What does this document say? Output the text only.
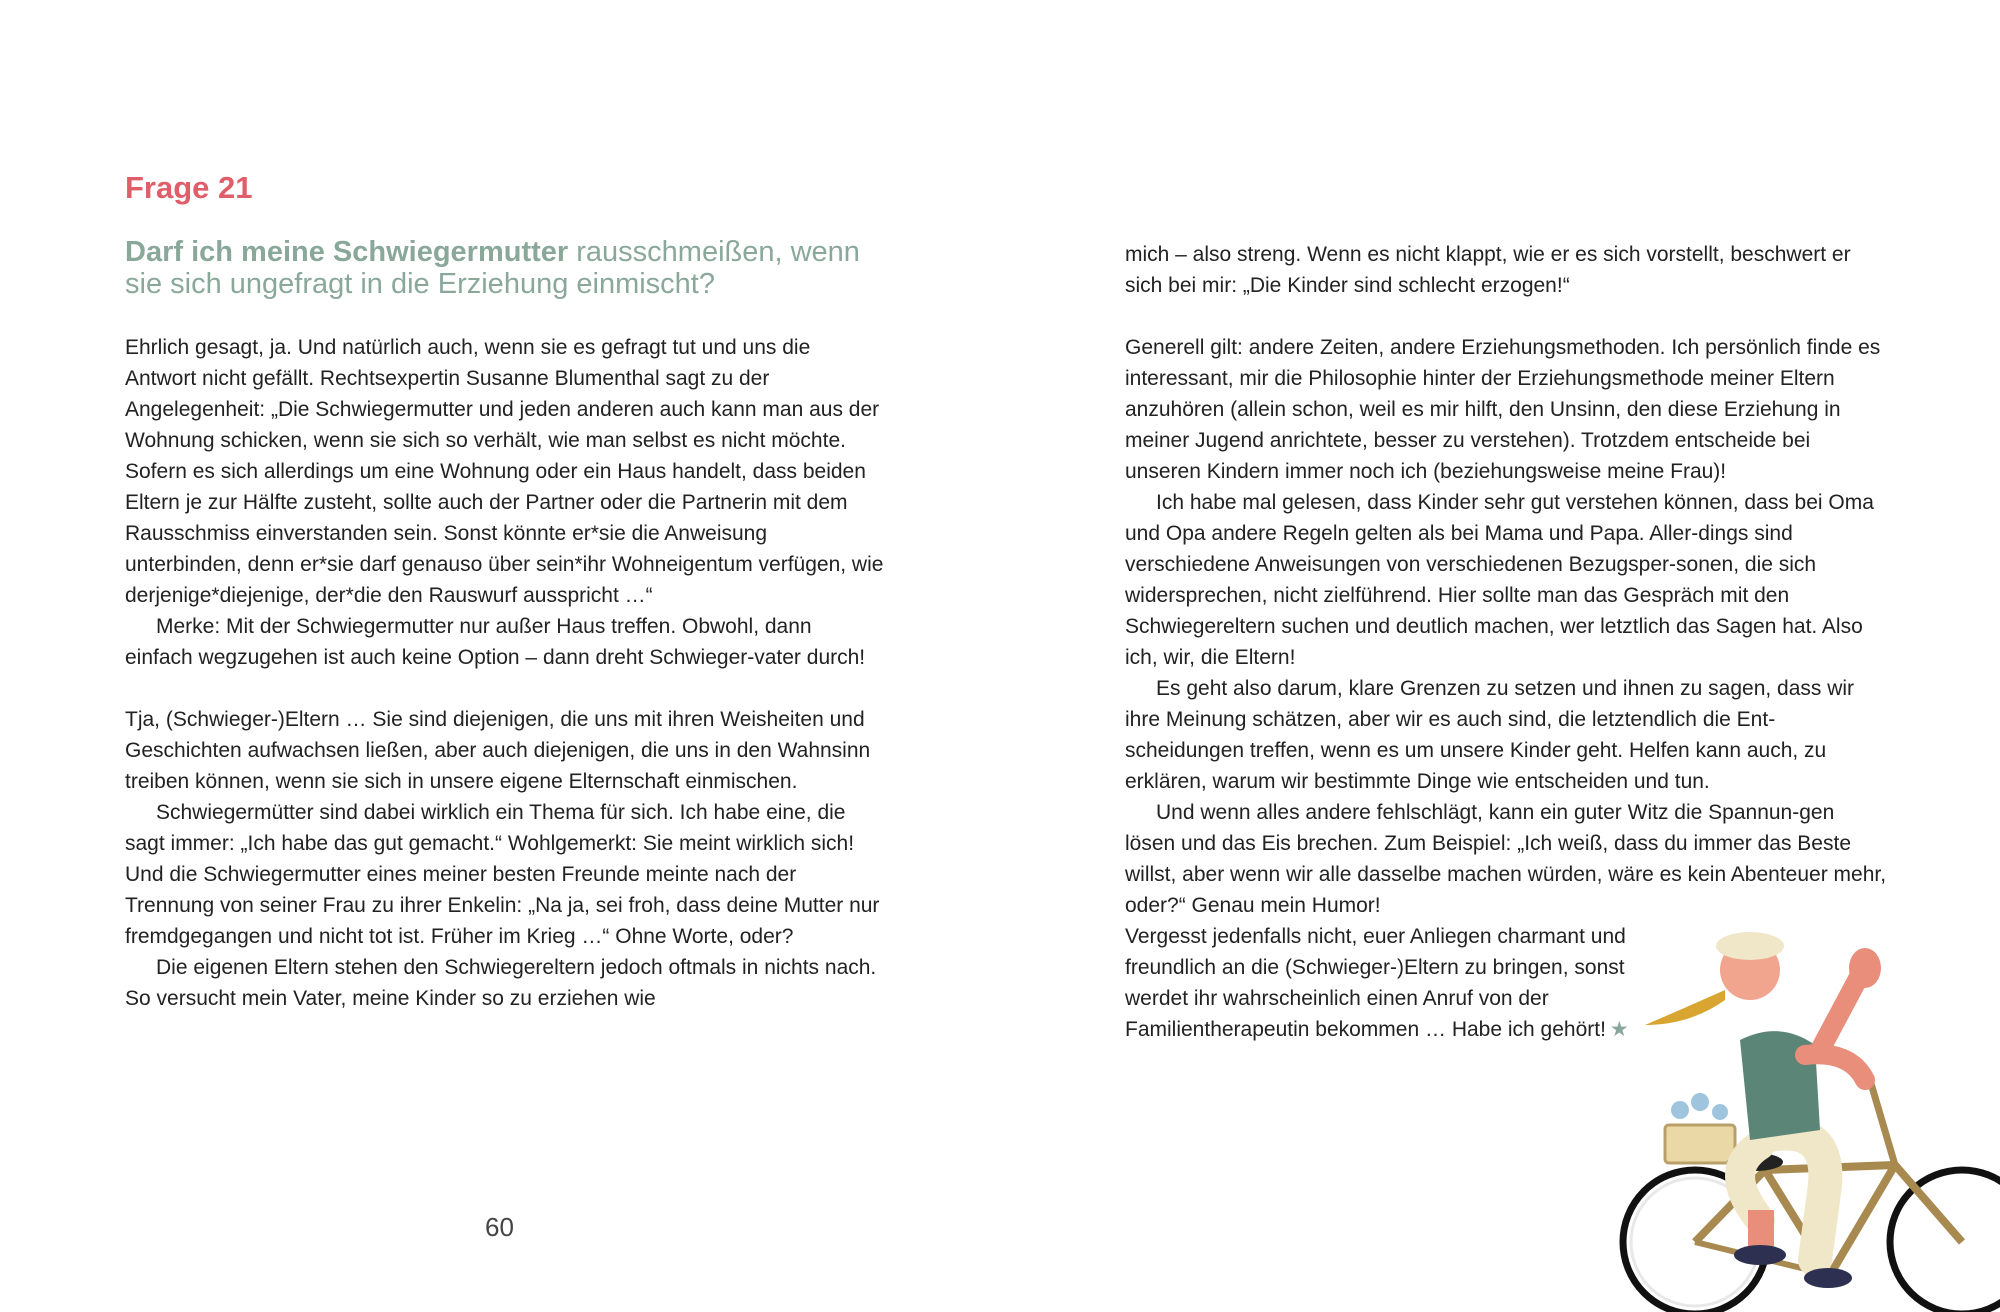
Frage 21
Darf ich meine Schwiegermutter rausschmeißen, wenn sie sich ungefragt in die Erziehung einmischt?

Ehrlich gesagt, ja. Und natürlich auch, wenn sie es gefragt tut und uns die Antwort nicht gefällt. Rechtsexpertin Susanne Blumenthal sagt zu der Angelegenheit: „Die Schwiegermutter und jeden anderen auch kann man aus der Wohnung schicken, wenn sie sich so verhält, wie man selbst es nicht möchte. Sofern es sich allerdings um eine Wohnung oder ein Haus handelt, dass beiden Eltern je zur Hälfte zusteht, sollte auch der Partner oder die Partnerin mit dem Rausschmiss einverstanden sein. Sonst könnte er*sie die Anweisung unterbinden, denn er*sie darf genauso über sein*ihr Wohneigentum verfügen, wie derjenige*diejenige, der*die den Rauswurf ausspricht …“

Merke: Mit der Schwiegermutter nur außer Haus treffen. Obwohl, dann einfach wegzugehen ist auch keine Option – dann dreht Schwieger-vater durch!

Tja, (Schwieger-)Eltern … Sie sind diejenigen, die uns mit ihren Weisheiten und Geschichten aufwachsen ließen, aber auch diejenigen, die uns in den Wahnsinn treiben können, wenn sie sich in unsere eigene Elternschaft einmischen.

Schwiegermütter sind dabei wirklich ein Thema für sich. Ich habe eine, die sagt immer: „Ich habe das gut gemacht.“ Wohlgemerkt: Sie meint wirklich sich! Und die Schwiegermutter eines meiner besten Freunde meinte nach der Trennung von seiner Frau zu ihrer Enkelin: „Na ja, sei froh, dass deine Mutter nur fremdgegangen und nicht tot ist. Früher im Krieg …“ Ohne Worte, oder?

Die eigenen Eltern stehen den Schwiegereltern jedoch oftmals in nichts nach. So versucht mein Vater, meine Kinder so zu erziehen wie

60

mich – also streng. Wenn es nicht klappt, wie er es sich vorstellt, beschwert er sich bei mir: „Die Kinder sind schlecht erzogen!“

Generell gilt: andere Zeiten, andere Erziehungsmethoden. Ich persönlich finde es interessant, mir die Philosophie hinter der Erziehungsmethode meiner Eltern anzuhören (allein schon, weil es mir hilft, den Unsinn, den diese Erziehung in meiner Jugend anrichtete, besser zu verstehen). Trotzdem entscheide bei unseren Kindern immer noch ich (beziehungsweise meine Frau)!

Ich habe mal gelesen, dass Kinder sehr gut verstehen können, dass bei Oma und Opa andere Regeln gelten als bei Mama und Papa. Aller-dings sind verschiedene Anweisungen von verschiedenen Bezugsper-sonen, die sich widersprechen, nicht zielführend. Hier sollte man das Gespräch mit den Schwiegereltern suchen und deutlich machen, wer letztlich das Sagen hat. Also ich, wir, die Eltern!

Es geht also darum, klare Grenzen zu setzen und ihnen zu sagen, dass wir ihre Meinung schätzen, aber wir es auch sind, die letztendlich die Ent-scheidungen treffen, wenn es um unsere Kinder geht. Helfen kann auch, zu erklären, warum wir bestimmte Dinge wie entscheiden und tun.

Und wenn alles andere fehlschlägt, kann ein guter Witz die Spannun-gen lösen und das Eis brechen. Zum Beispiel: „Ich weiß, dass du immer das Beste willst, aber wenn wir alle dasselbe machen würden, wäre es kein Abenteuer mehr, oder?“ Genau mein Humor!

Vergesst jedenfalls nicht, euer Anliegen charmant und freundlich an die (Schwieger-)Eltern zu bringen, sonst werdet ihr wahrscheinlich einen Anruf von der Familientherapeutin bekommen … Habe ich gehört! ★
